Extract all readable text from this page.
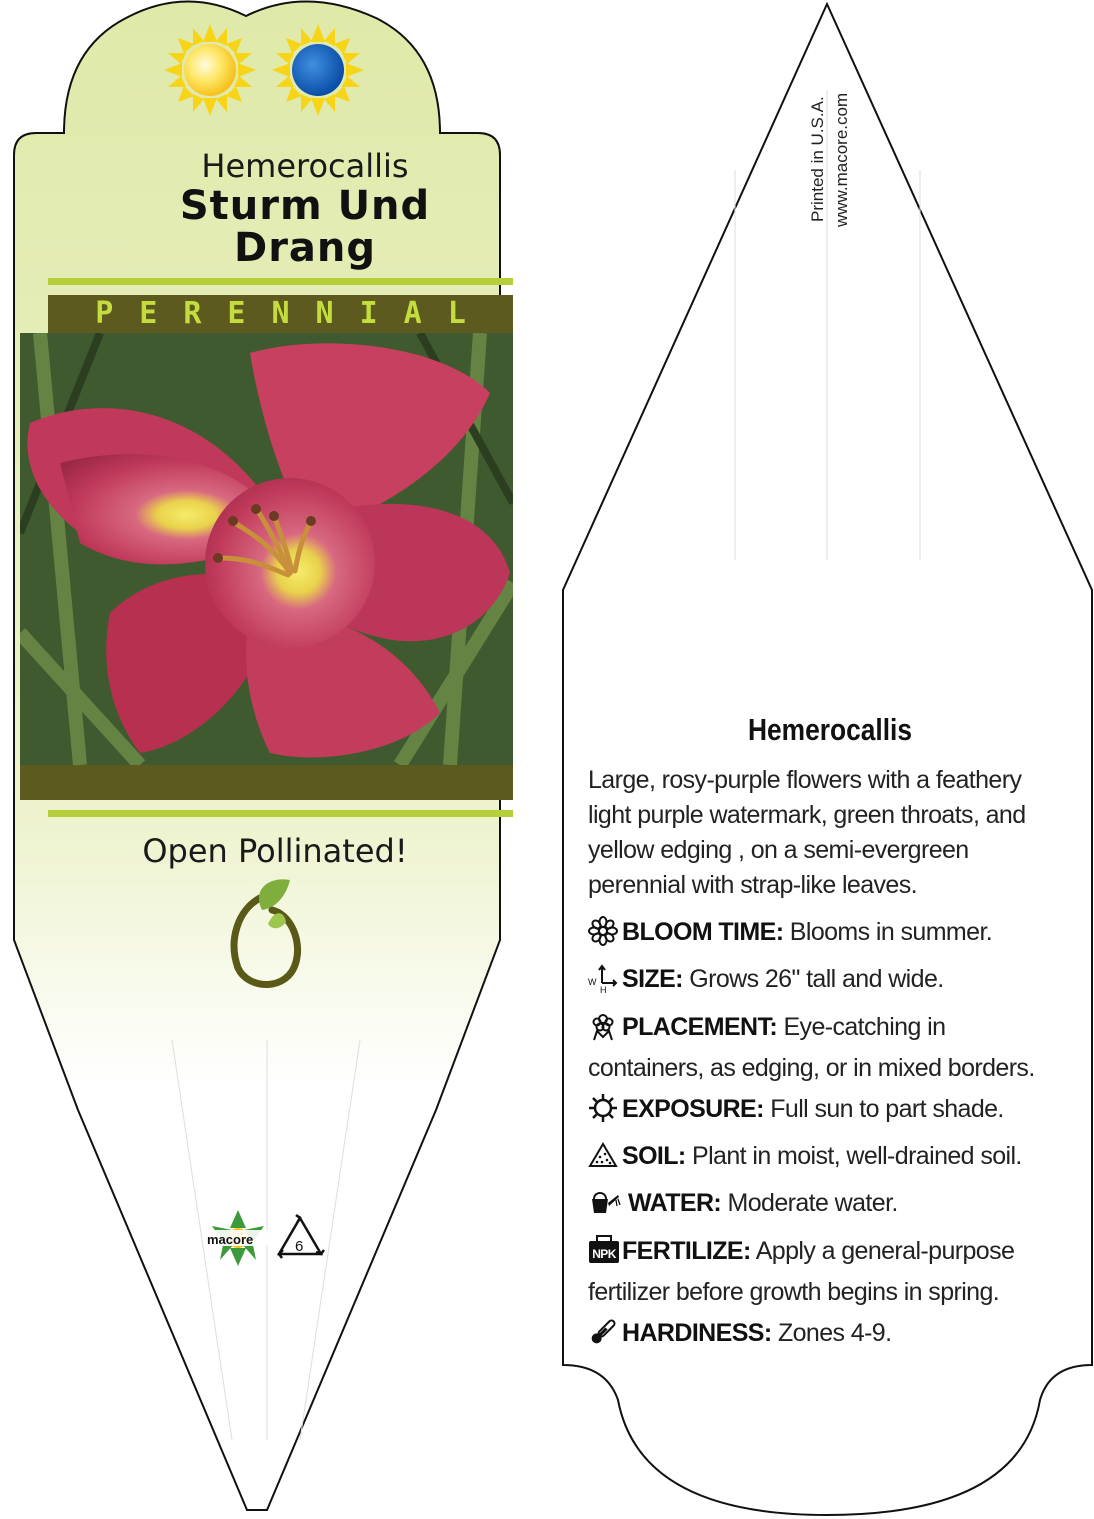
Hemerocallis
Sturm Und
Drang
PERENNIAL
Open Pollinated!
macore	6
Printed in U.S.A. www.macore.com
Hemerocallis
Large, rosy-purple flowers with a feathery light purple watermark, green throats, and yellow edging , on a semi-evergreen perennial with strap-like leaves.
BLOOM TIME: Blooms in summer.
W
H SIZE: Grows 26" tall and wide.
PLACEMENT: Eye-catching in containers, as edging, or in mixed borders.
EXPOSURE: Full sun to part shade.
SOIL: Plant in moist, well-drained soil.
WATER: Moderate water.
NPK FERTILIZE: Apply a general-purpose fertilizer before growth begins in spring.
HARDINESS: Zones 4-9.
